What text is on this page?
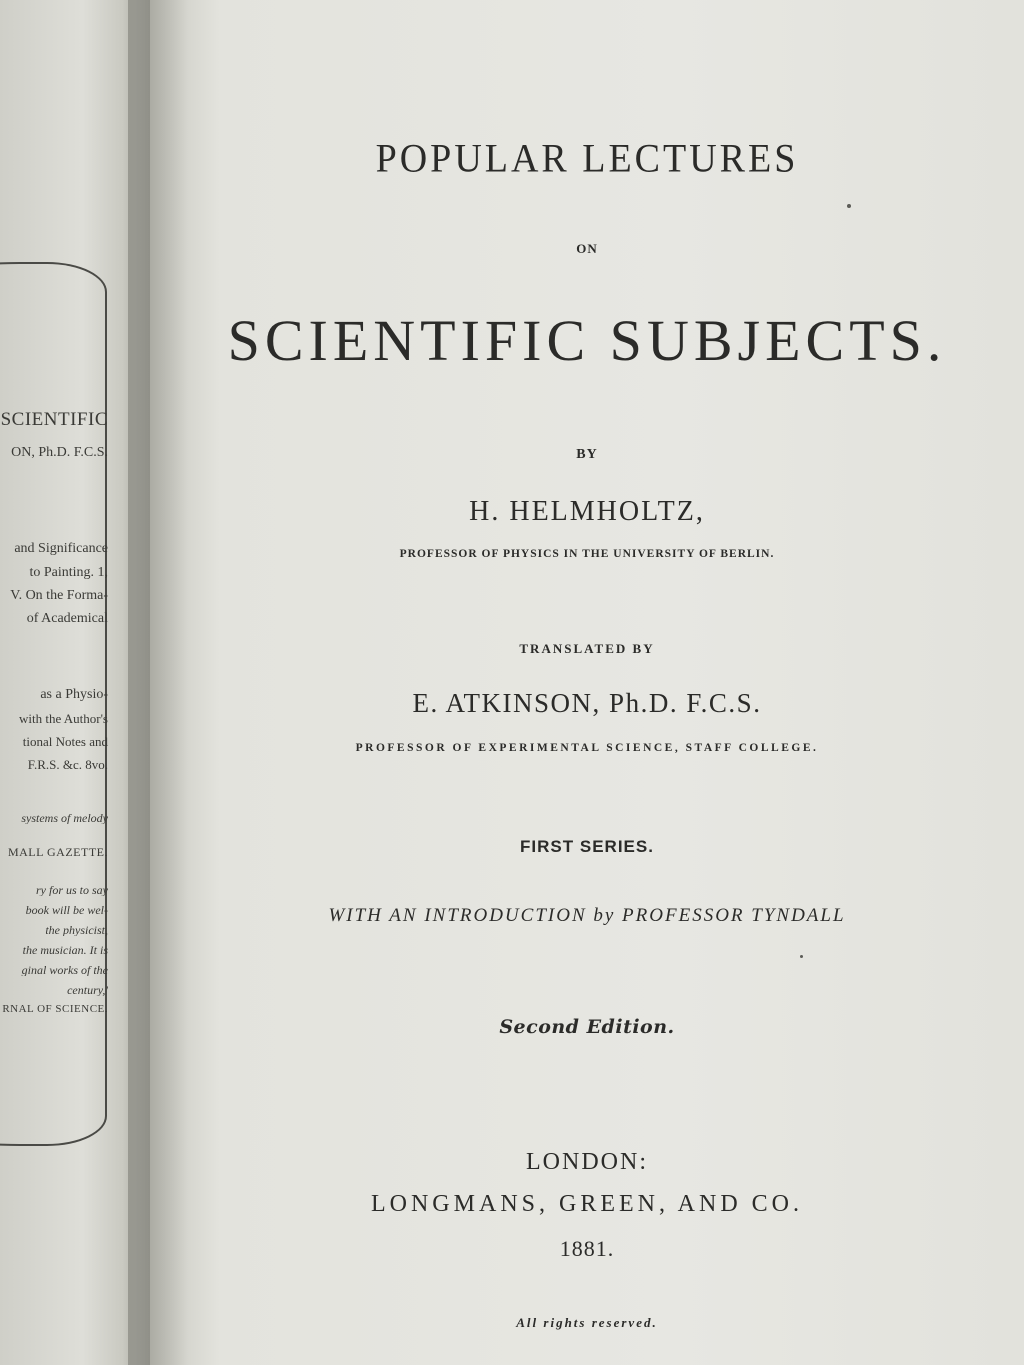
SCIENTIFIC
ON, Ph.D. F.C.S.
and Significance
to Painting. 1,
V. On the Forma-
of Academical
as a Physio-
with the Author's
tional Notes and
F.R.S. &c. 8vo.
systems of melody
MALL GAZETTE.
ry for us to say
book will be wel-
the physicist,
the musician. It is
ginal works of the
century,'
RNAL OF SCIENCE.
POPULAR LECTURES
ON
SCIENTIFIC SUBJECTS.
BY
H. HELMHOLTZ,
PROFESSOR OF PHYSICS IN THE UNIVERSITY OF BERLIN.
TRANSLATED BY
E. ATKINSON, Ph.D. F.C.S.
PROFESSOR OF EXPERIMENTAL SCIENCE, STAFF COLLEGE.
FIRST SERIES.
WITH AN INTRODUCTION by PROFESSOR TYNDALL
Second Edition.
LONDON:
LONGMANS, GREEN, AND CO.
1881.
All rights reserved.
